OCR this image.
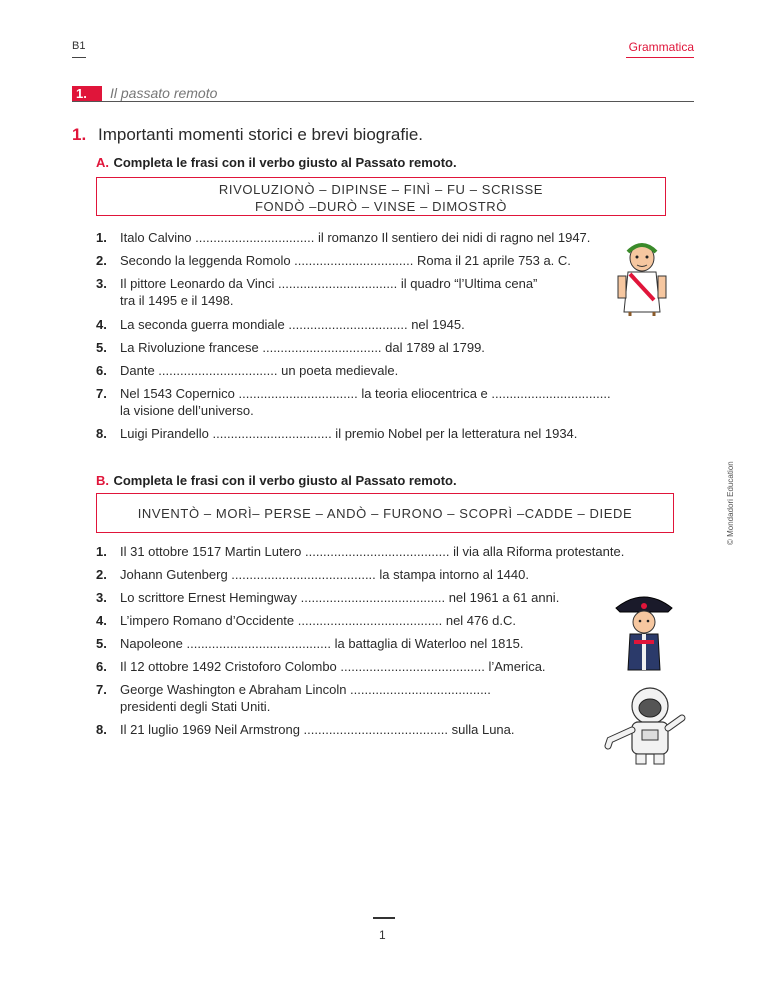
B1	Grammatica
1.	Il passato remoto
1. Importanti momenti storici e brevi biografie.
A. Completa le frasi con il verbo giusto al Passato remoto.
RIVOLUZIONÒ – DIPINSE – FINÌ – FU – SCRISSE
FONDÒ –DURÒ – VINSE – DIMOSTRÒ
1.	Italo Calvino ................................. il romanzo Il sentiero dei nidi di ragno nel 1947.
2.	Secondo la leggenda Romolo ................................. Roma il 21 aprile 753 a. C.
3.	Il pittore Leonardo da Vinci ................................. il quadro “l’Ultima cena”
tra il 1495 e il 1498.
4.	La seconda guerra mondiale ................................. nel 1945.
5.	La Rivoluzione francese ................................. dal 1789 al 1799.
6.	Dante ................................. un poeta medievale.
7.	Nel 1543 Copernico ................................. la teoria eliocentrica e .................................
la visione dell’universo.
8.	Luigi Pirandello ................................. il premio Nobel per la letteratura nel 1934.
B. Completa le frasi con il verbo giusto al Passato remoto.
INVENTÒ – MORÌ– PERSE – ANDÒ – FURONO – SCOPRÌ –CADDE – DIEDE
1.	Il 31 ottobre 1517 Martin Lutero ........................................ il via alla Riforma protestante.
2.	Johann Gutenberg ........................................ la stampa intorno al 1440.
3.	Lo scrittore Ernest Hemingway ........................................ nel 1961 a 61 anni.
4.	L’impero Romano d’Occidente ........................................ nel 476 d.C.
5.	Napoleone ........................................ la battaglia di Waterloo nel 1815.
6.	Il 12 ottobre 1492 Cristoforo Colombo ........................................ l’America.
7.	George Washington e Abraham Lincoln .......................................
presidenti degli Stati Uniti.
8.	Il 21 luglio 1969 Neil Armstrong ........................................ sulla Luna.
© Mondadori Education
1
